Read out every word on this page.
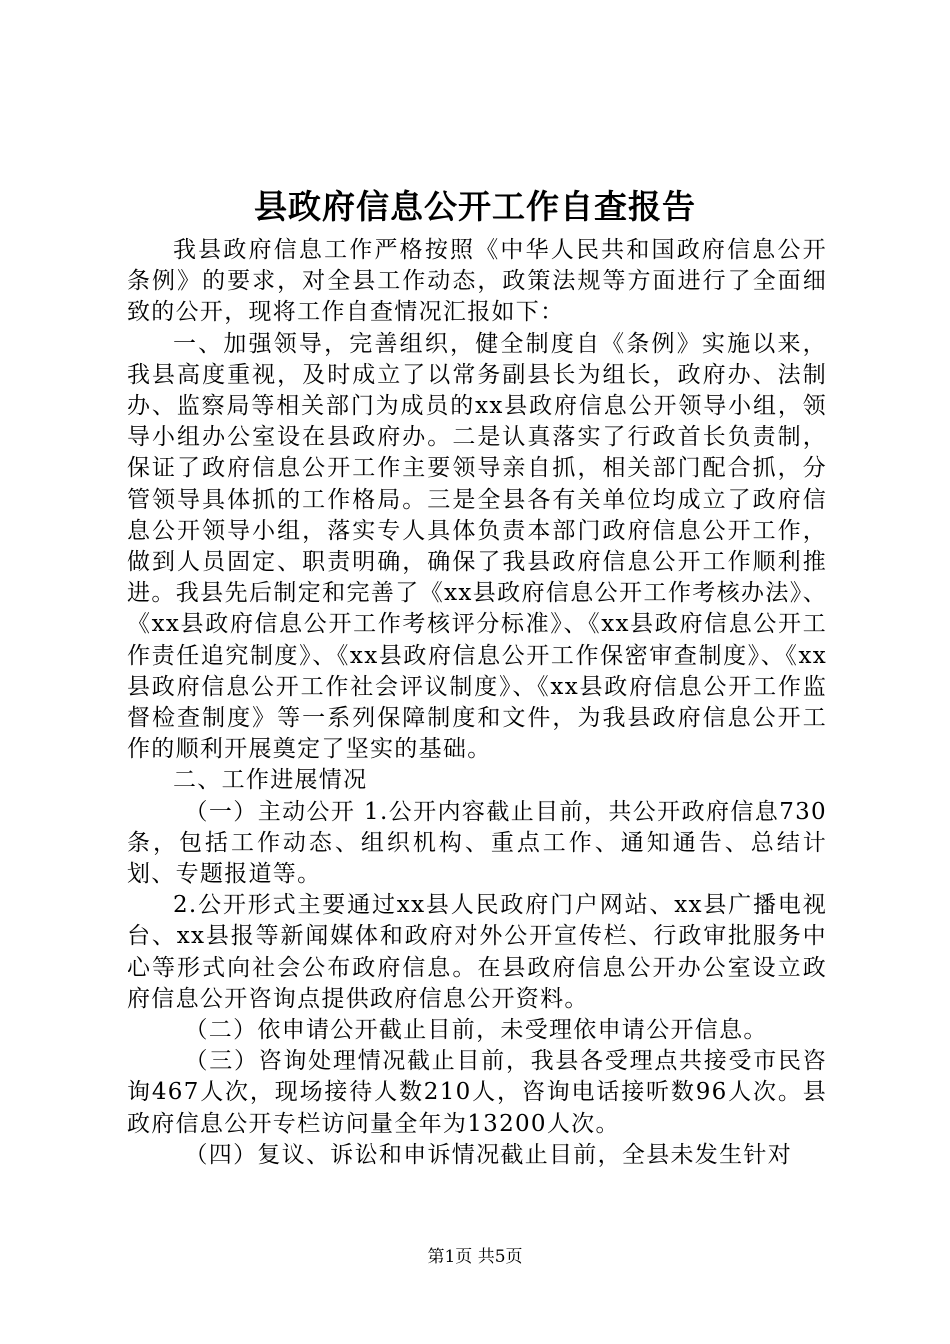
县政府信息公开工作自查报告

我县政府信息工作严格按照《中华人民共和国政府信息公开条例》的要求，对全县工作动态，政策法规等方面进行了全面细致的公开，现将工作自查情况汇报如下：

一、加强领导，完善组织，健全制度自《条例》实施以来，我县高度重视，及时成立了以常务副县长为组长，政府办、法制办、监察局等相关部门为成员的xx县政府信息公开领导小组，领导小组办公室设在县政府办。二是认真落实了行政首长负责制，保证了政府信息公开工作主要领导亲自抓，相关部门配合抓，分管领导具体抓的工作格局。三是全县各有关单位均成立了政府信息公开领导小组，落实专人具体负责本部门政府信息公开工作，做到人员固定、职责明确，确保了我县政府信息公开工作顺利推进。我县先后制定和完善了《xx县政府信息公开工作考核办法》、《xx县政府信息公开工作考核评分标准》、《xx县政府信息公开工作责任追究制度》、《xx县政府信息公开工作保密审查制度》、《xx县政府信息公开工作社会评议制度》、《xx县政府信息公开工作监督检查制度》等一系列保障制度和文件，为我县政府信息公开工作的顺利开展奠定了坚实的基础。

二、工作进展情况

（一）主动公开 1.公开内容截止目前，共公开政府信息730条，包括工作动态、组织机构、重点工作、通知通告、总结计划、专题报道等。

2.公开形式主要通过xx县人民政府门户网站、xx县广播电视台、xx县报等新闻媒体和政府对外公开宣传栏、行政审批服务中心等形式向社会公布政府信息。在县政府信息公开办公室设立政府信息公开咨询点提供政府信息公开资料。

（二）依申请公开截止目前，未受理依申请公开信息。

（三）咨询处理情况截止目前，我县各受理点共接受市民咨询467人次，现场接待人数210人，咨询电话接听数96人次。县政府信息公开专栏访问量全年为13200人次。

（四）复议、诉讼和申诉情况截止目前，全县未发生针对

第1页 共5页
